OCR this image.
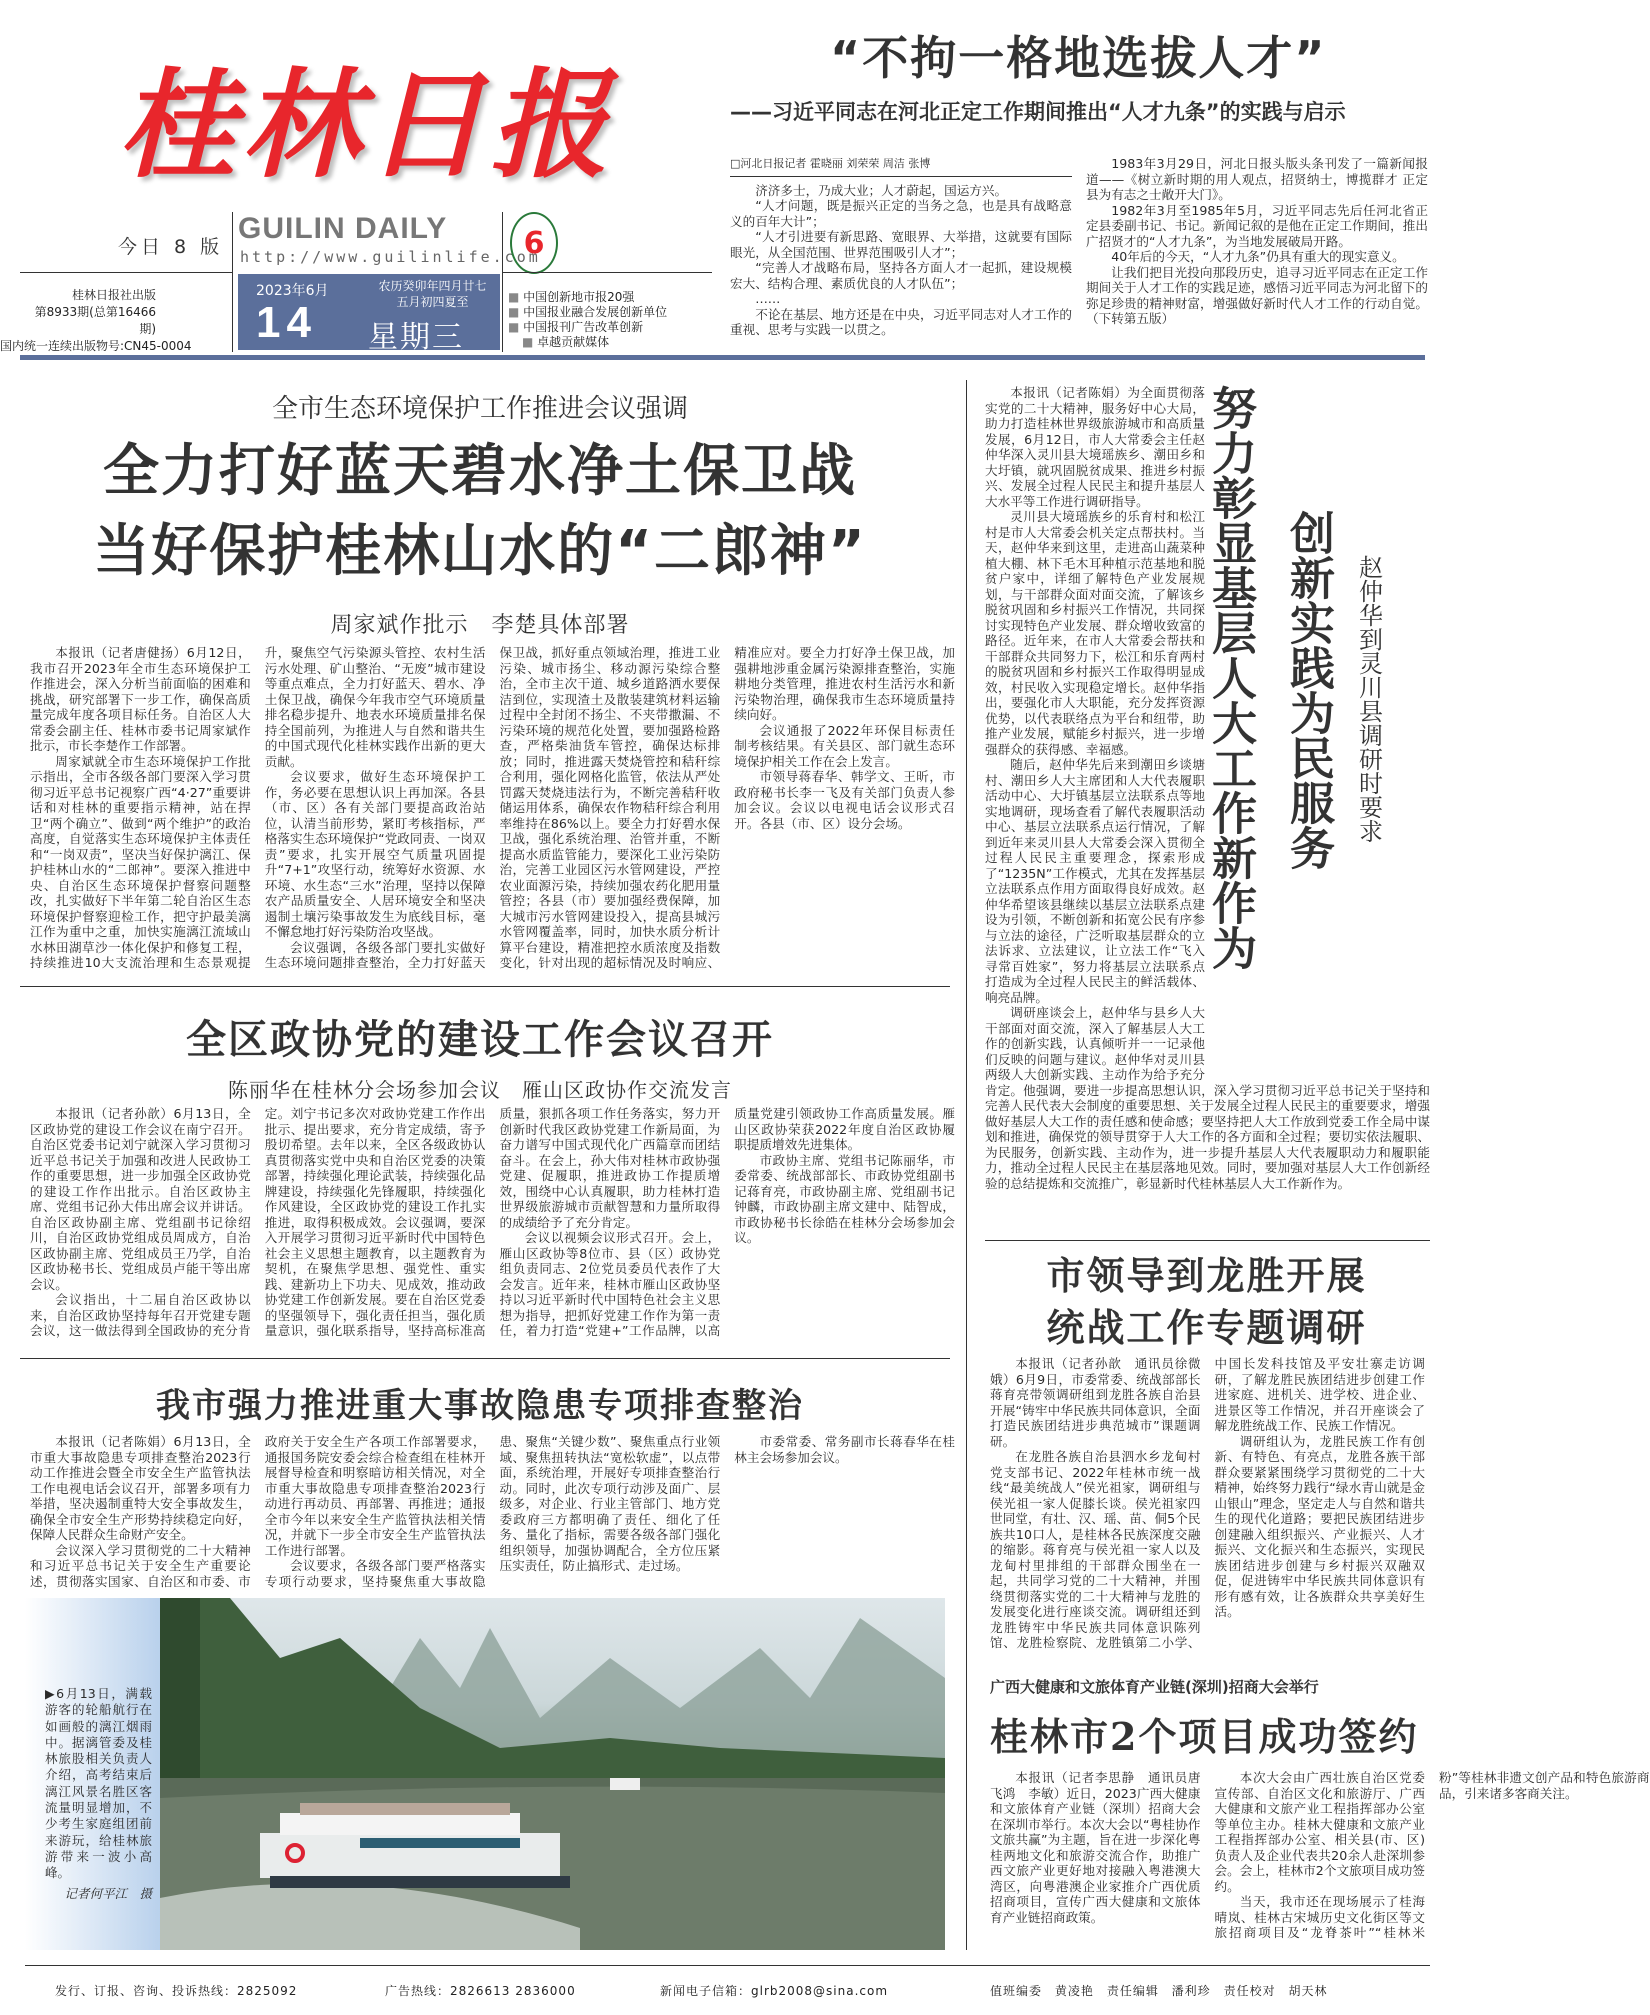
桂林日报
今日 8 版
GUILIN DAILY
http://www.guilinlife.com
6
桂林日报社出版
第8933期(总第16466期)
国内统一连续出版物号:CN45-0004
2023年6月
14
农历癸卯年四月廿七
五月初四夏至
星期三
■ 中国创新地市报20强
■ 中国报业融合发展创新单位
■ 中国报刊广告改革创新
■ 卓越贡献媒体
“不拘一格地选拔人才”
——习近平同志在河北正定工作期间推出“人才九条”的实践与启示
□河北日报记者 霍晓丽 刘荣荣 周洁 张博

济济多士，乃成大业；人才蔚起，国运方兴。

“人才问题，既是振兴正定的当务之急，也是具有战略意义的百年大计”；

“人才引进要有新思路、宽眼界、大举措，这就要有国际眼光，从全国范围、世界范围吸引人才”；

“完善人才战略布局，坚持各方面人才一起抓，建设规模宏大、结构合理、素质优良的人才队伍”；

……

不论在基层、地方还是在中央，习近平同志对人才工作的重视、思考与实践一以贯之。

1983年3月29日，河北日报头版头条刊发了一篇新闻报道——《树立新时期的用人观点，招贤纳士，博揽群才 正定县为有志之士敞开大门》。

1982年3月至1985年5月，习近平同志先后任河北省正定县委副书记、书记。新闻记叙的是他在正定工作期间，推出广招贤才的“人才九条”，为当地发展破局开路。

40年后的今天，“人才九条”仍具有重大的现实意义。

让我们把目光投向那段历史，追寻习近平同志在正定工作期间关于人才工作的实践足迹，感悟习近平同志为河北留下的弥足珍贵的精神财富，增强做好新时代人才工作的行动自觉。（下转第五版）

全市生态环境保护工作推进会议强调
全力打好蓝天碧水净土保卫战
当好保护桂林山水的“二郎神”
周家斌作批示　李楚具体部署

本报讯（记者唐健扬）6月12日，我市召开2023年全市生态环境保护工作推进会，深入分析当前面临的困难和挑战，研究部署下一步工作，确保高质量完成年度各项目标任务。自治区人大常委会副主任、桂林市委书记周家斌作批示，市长李楚作工作部署。

周家斌就全市生态环境保护工作批示指出，全市各级各部门要深入学习贯彻习近平总书记视察广西“4·27”重要讲话和对桂林的重要指示精神，站在捍卫“两个确立”、做到“两个维护”的政治高度，自觉落实生态环境保护主体责任和“一岗双责”，坚决当好保护漓江、保护桂林山水的“二郎神”。要深入推进中央、自治区生态环境保护督察问题整改，扎实做好下半年第二轮自治区生态环境保护督察迎检工作，把守护最美漓江作为重中之重，加快实施漓江流域山水林田湖草沙一体化保护和修复工程，持续推进10大支流治理和生态景观提升，聚焦空气污染源头管控、农村生活污水处理、矿山整治、“无废”城市建设等重点难点，全力打好蓝天、碧水、净土保卫战，确保今年我市空气环境质量排名稳步提升、地表水环境质量排名保持全国前列，为推进人与自然和谐共生的中国式现代化桂林实践作出新的更大贡献。

会议要求，做好生态环境保护工作，务必要在思想认识上再加深。各县（市、区）各有关部门要提高政治站位，认清当前形势，紧盯考核指标，严格落实生态环境保护“党政同责、一岗双责”要求，扎实开展空气质量巩固提升“7+1”攻坚行动，统筹好水资源、水环境、水生态“三水”治理，坚持以保障农产品质量安全、人居环境安全和坚决遏制土壤污染事故发生为底线目标，毫不懈怠地打好污染防治攻坚战。

会议强调，各级各部门要扎实做好生态环境问题排查整治，全力打好蓝天保卫战，抓好重点领域治理，推进工业污染、城市扬尘、移动源污染综合整治，全市主次干道、城乡道路洒水要保洁到位，实现渣土及散装建筑材料运输过程中全封闭不扬尘、不夹带撒漏、不污染环境的规范化处置，要加强路检路查，严格柴油货车管控，确保达标排放；同时，推进露天焚烧管控和秸秆综合利用，强化网格化监管，依法从严处罚露天焚烧违法行为，不断完善秸秆收储运用体系，确保农作物秸秆综合利用率维持在86%以上。要全力打好碧水保卫战，强化系统治理、治管并重，不断提高水质监管能力，要深化工业污染防治，完善工业园区污水管网建设，严控农业面源污染，持续加强农药化肥用量管控；各县（市）要加强经费保障，加大城市污水管网建设投入，提高县城污水管网覆盖率，同时，加快水质分析计算平台建设，精准把控水质浓度及指数变化，针对出现的超标情况及时响应、精准应对。要全力打好净土保卫战，加强耕地涉重金属污染源排查整治，实施耕地分类管理，推进农村生活污水和新污染物治理，确保我市生态环境质量持续向好。

会议通报了2022年环保目标责任制考核结果。有关县区、部门就生态环境保护相关工作在会上发言。

市领导蒋春华、韩学文、王昕，市政府秘书长李一飞及有关部门负责人参加会议。会议以电视电话会议形式召开。各县（市、区）设分会场。	努力彰显基层人大工作新作为 创新实践为民服务 赵仲华到灵川县调研时要求

本报讯（记者陈娟）为全面贯彻落实党的二十大精神，服务好中心大局，助力打造桂林世界级旅游城市和高质量发展，6月12日，市人大常委会主任赵仲华深入灵川县大境瑶族乡、潮田乡和大圩镇，就巩固脱贫成果、推进乡村振兴、发展全过程人民民主和提升基层人大水平等工作进行调研指导。

灵川县大境瑶族乡的乐育村和松江村是市人大常委会机关定点帮扶村。当天，赵仲华来到这里，走进高山蔬菜种植大棚、林下毛木耳种植示范基地和脱贫户家中，详细了解特色产业发展规划，与干部群众面对面交流，了解该乡脱贫巩固和乡村振兴工作情况，共同探讨实现特色产业发展、群众增收致富的路径。近年来，在市人大常委会帮扶和干部群众共同努力下，松江和乐育两村的脱贫巩固和乡村振兴工作取得明显成效，村民收入实现稳定增长。赵仲华指出，要强化市人大职能，充分发挥资源优势，以代表联络点为平台和纽带，助推产业发展，赋能乡村振兴，进一步增强群众的获得感、幸福感。

随后，赵仲华先后来到潮田乡谈塘村、潮田乡人大主席团和人大代表履职活动中心、大圩镇基层立法联系点等地实地调研，现场查看了解代表履职活动中心、基层立法联系点运行情况，了解到近年来灵川县人大常委会深入贯彻全过程人民民主重要理念，探索形成了“1235N”工作模式，尤其在发挥基层立法联系点作用方面取得良好成效。赵仲华希望该县继续以基层立法联系点建设为引领，不断创新和拓宽公民有序参与立法的途径，广泛听取基层群众的立法诉求、立法建议，让立法工作“飞入寻常百姓家”，努力将基层立法联系点打造成为全过程人民民主的鲜活载体、响亮品牌。

调研座谈会上，赵仲华与县乡人大干部面对面交流，深入了解基层人大工作的创新实践，认真倾听并一一记录他们反映的问题与建议。赵仲华对灵川县两级人大创新实践、主动作为给予充分肯定。他强调，要进一步提高思想认识，深入学习贯彻习近平总书记关于坚持和完善人民代表大会制度的重要思想、关于发展全过程人民民主的重要要求，增强做好基层人大工作的责任感和使命感；要坚持把人大工作放到党委工作全局中谋划和推进，确保党的领导贯穿于人大工作的各方面和全过程；要切实依法履职、为民服务，创新实践、主动作为，进一步提升基层人大代表履职动力和履职能力，推动全过程人民民主在基层落地见效。同时，要加强对基层人大工作创新经验的总结提炼和交流推广，彰显新时代桂林基层人大工作新作为。

全区政协党的建设工作会议召开
陈丽华在桂林分会场参加会议　雁山区政协作交流发言

本报讯（记者孙歆）6月13日，全区政协党的建设工作会议在南宁召开。自治区党委书记刘宁就深入学习贯彻习近平总书记关于加强和改进人民政协工作的重要思想，进一步加强全区政协党的建设工作作出批示。自治区政协主席、党组书记孙大伟出席会议并讲话。自治区政协副主席、党组副书记徐绍川，自治区政协党组成员周成方，自治区政协副主席、党组成员王乃学，自治区政协秘书长、党组成员卢能干等出席会议。

会议指出，十二届自治区政协以来，自治区政协坚持每年召开党建专题会议，这一做法得到全国政协的充分肯定。刘宁书记多次对政协党建工作作出批示、提出要求，充分肯定成绩，寄予殷切希望。去年以来，全区各级政协认真贯彻落实党中央和自治区党委的决策部署，持续强化理论武装，持续强化品牌建设，持续强化先锋履职，持续强化作风建设，全区政协党的建设工作扎实推进，取得积极成效。会议强调，要深入开展学习贯彻习近平新时代中国特色社会主义思想主题教育，以主题教育为契机，在聚焦学思想、强党性、重实践、建新功上下功夫、见成效，推动政协党建工作创新发展。要在自治区党委的坚强领导下，强化责任担当，强化质量意识，强化联系指导，坚持高标准高质量，狠抓各项工作任务落实，努力开创新时代我区政协党建工作新局面，为奋力谱写中国式现代化广西篇章而团结奋斗。在会上，孙大伟对桂林市政协强党建、促履职，推进政协工作提质增效，围绕中心认真履职，助力桂林打造世界级旅游城市贡献智慧和力量所取得的成绩给予了充分肯定。

会议以视频会议形式召开。会上，雁山区政协等8位市、县（区）政协党组负责同志、2位党员委员代表作了大会发言。近年来，桂林市雁山区政协坚持以习近平新时代中国特色社会主义思想为指导，把抓好党建工作作为第一责任，着力打造“党建+”工作品牌，以高质量党建引领政协工作高质量发展。雁山区政协荣获2022年度自治区政协履职提质增效先进集体。

市政协主席、党组书记陈丽华，市委常委、统战部部长、市政协党组副书记蒋育亮，市政协副主席、党组副书记钟麟，市政协副主席文建中、陆智成，市政协秘书长徐皓在桂林分会场参加会议。

我市强力推进重大事故隐患专项排查整治

本报讯（记者陈娟）6月13日，全市重大事故隐患专项排查整治2023行动工作推进会暨全市安全生产监管执法工作电视电话会议召开，部署多项有力举措，坚决遏制重特大安全事故发生，确保全市安全生产形势持续稳定向好，保障人民群众生命财产安全。

会议深入学习贯彻党的二十大精神和习近平总书记关于安全生产重要论述，贯彻落实国家、自治区和市委、市政府关于安全生产各项工作部署要求，通报国务院安委会综合检查组在桂林开展督导检查和明察暗访相关情况，对全市重大事故隐患专项排查整治2023行动进行再动员、再部署、再推进；通报全市今年以来安全生产监管执法相关情况，并就下一步全市安全生产监管执法工作进行部署。

会议要求，各级各部门要严格落实专项行动要求，坚持聚焦重大事故隐患、聚焦“关键少数”、聚焦重点行业领域、聚焦扭转执法“宽松软虚”，以点带面，系统治理，开展好专项排查整治行动。同时，此次专项行动涉及面广、层级多，对企业、行业主管部门、地方党委政府三方都明确了责任、细化了任务、量化了指标，需要各级各部门强化组织领导，加强协调配合，全方位压紧压实责任，防止搞形式、走过场。

市委常委、常务副市长蒋春华在桂林主会场参加会议。

▶6月13日，满载游客的轮船航行在如画般的漓江烟雨中。据漓管委及桂林旅股相关负责人介绍，高考结束后漓江风景名胜区客流量明显增加，不少考生家庭组团前来游玩，给桂林旅游带来一波小高峰。
记者何平江　摄
市领导到龙胜开展
统战工作专题调研

本报讯（记者孙歆　通讯员徐微娥）6月9日，市委常委、统战部部长蒋育亮带领调研组到龙胜各族自治县开展“铸牢中华民族共同体意识，全面打造民族团结进步典范城市”课题调研。

在龙胜各族自治县泗水乡龙甸村党支部书记、2022年桂林市统一战线“最美统战人”侯光祖家，调研组与侯光祖一家人促膝长谈。侯光祖家四世同堂，有壮、汉、瑶、苗、侗5个民族共10口人，是桂林各民族深度交融的缩影。蒋育亮与侯光祖一家人以及龙甸村里排组的干部群众围坐在一起，共同学习党的二十大精神，并围绕贯彻落实党的二十大精神与龙胜的发展变化进行座谈交流。调研组还到龙胜铸牢中华民族共同体意识陈列馆、龙胜检察院、龙胜镇第二小学、中国长发科技馆及平安壮寨走访调研，了解龙胜民族团结进步创建工作进家庭、进机关、进学校、进企业、进景区等工作情况，并召开座谈会了解龙胜统战工作、民族工作情况。

调研组认为，龙胜民族工作有创新、有特色、有亮点，龙胜各族干部群众要紧紧围绕学习贯彻党的二十大精神，始终努力践行“绿水青山就是金山银山”理念，坚定走人与自然和谐共生的现代化道路；要把民族团结进步创建融入组织振兴、产业振兴、人才振兴、文化振兴和生态振兴，实现民族团结进步创建与乡村振兴双融双促，促进铸牢中华民族共同体意识有形有感有效，让各族群众共享美好生活。

广西大健康和文旅体育产业链(深圳)招商大会举行
桂林市2个项目成功签约

本报讯（记者李思静　通讯员唐飞鸿　李敏）近日，2023广西大健康和文旅体育产业链（深圳）招商大会在深圳市举行。本次大会以“粤桂协作　文旅共赢”为主题，旨在进一步深化粤桂两地文化和旅游交流合作，助推广西文旅产业更好地对接融入粤港澳大湾区，向粤港澳企业家推介广西优质招商项目，宣传广西大健康和文旅体育产业链招商政策。

本次大会由广西壮族自治区党委宣传部、自治区文化和旅游厅、广西大健康和文旅产业工程指挥部办公室等单位主办。桂林大健康和文旅产业工程指挥部办公室、相关县(市、区)负责人及企业代表共20余人赴深圳参会。会上，桂林市2个文旅项目成功签约。

当天，我市还在现场展示了桂海晴岚、桂林古宋城历史文化街区等文旅招商项目及“龙脊茶叶”“桂林米粉”等桂林非遗文创产品和特色旅游商品，引来诸多客商关注。

发行、订报、咨询、投诉热线：2825092	广告热线：2826613 2836000	新闻电子信箱：glrb2008@sina.com	值班编委 黄凌艳　责任编辑 潘利珍　责任校对 胡天林
